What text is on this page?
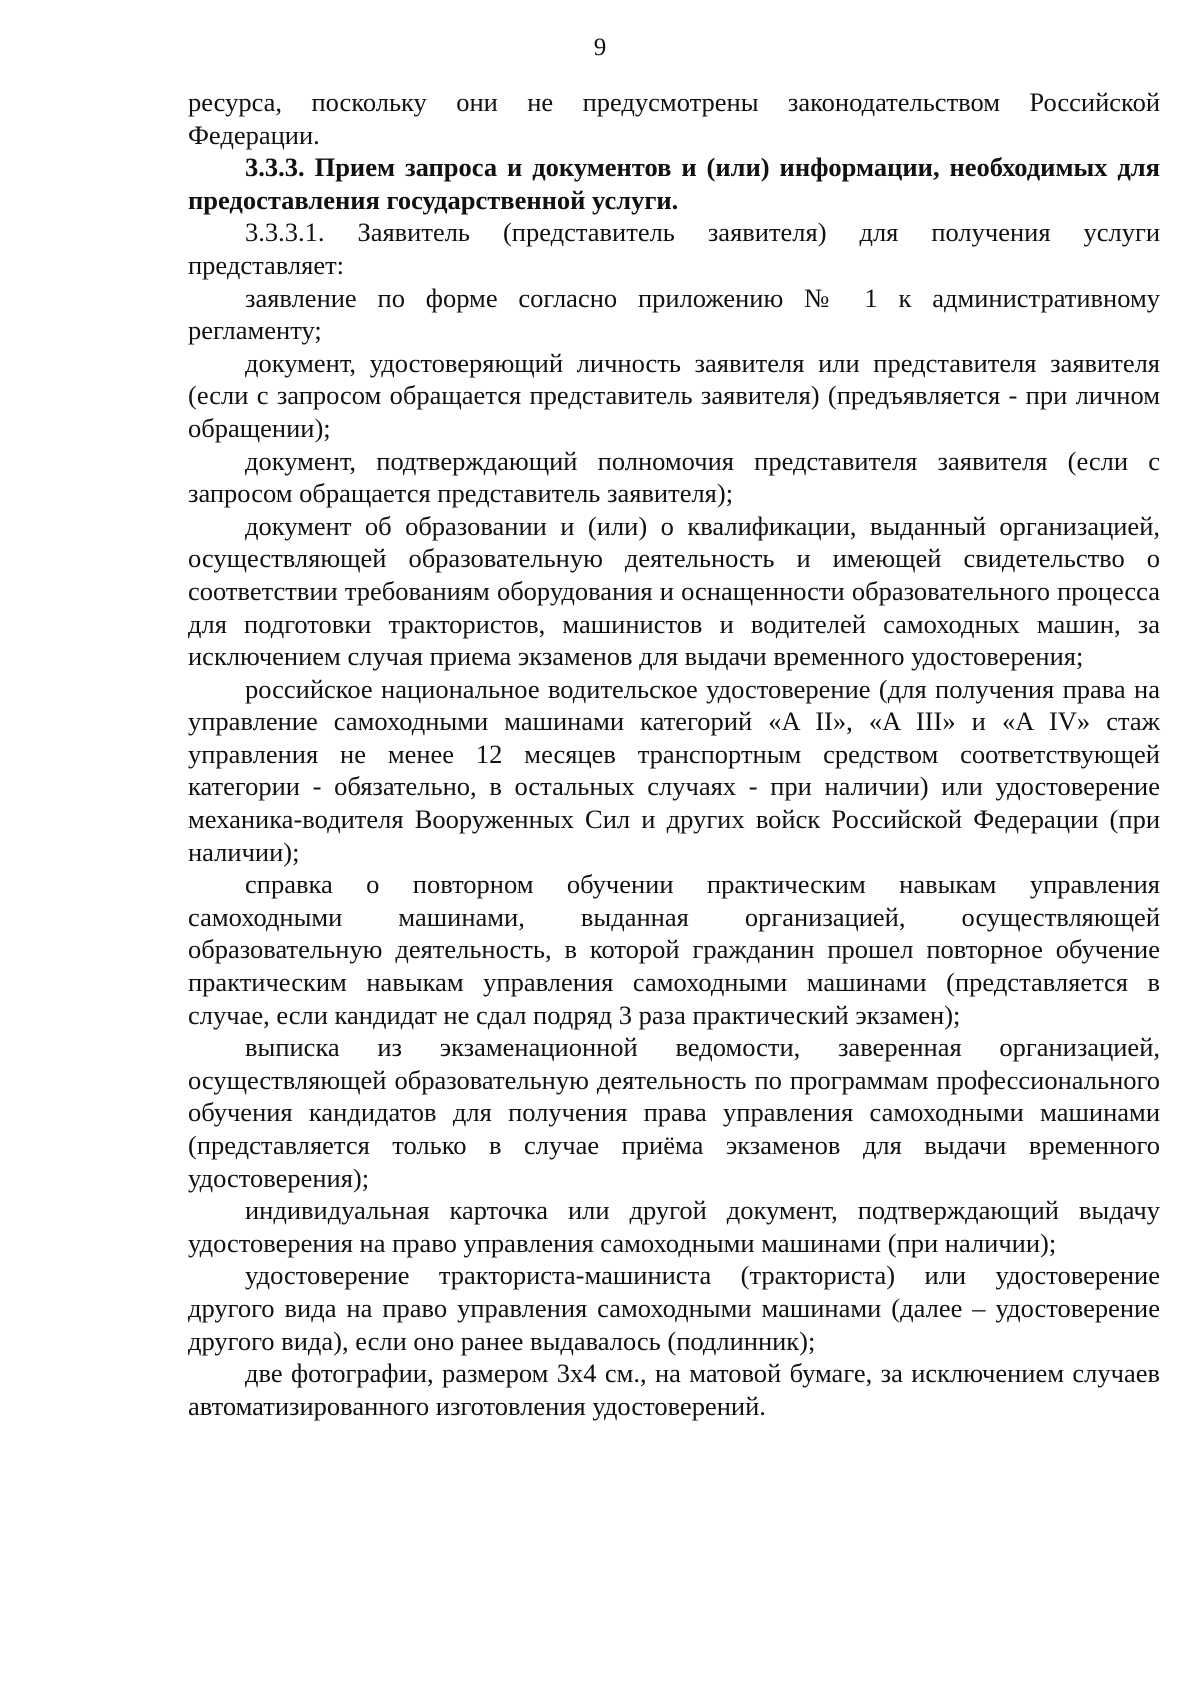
9

ресурса, поскольку они не предусмотрены законодательством Российской Федерации.

3.3.3. Прием запроса и документов и (или) информации, необходимых для предоставления государственной услуги.

3.3.3.1. Заявитель (представитель заявителя) для получения услуги представляет:

заявление по форме согласно приложению № 1 к административному регламенту;

документ, удостоверяющий личность заявителя или представителя заявителя (если с запросом обращается представитель заявителя) (предъявляется - при личном обращении);

документ, подтверждающий полномочия представителя заявителя (если с запросом обращается представитель заявителя);

документ об образовании и (или) о квалификации, выданный организацией, осуществляющей образовательную деятельность и имеющей свидетельство о соответствии требованиям оборудования и оснащенности образовательного процесса для подготовки трактористов, машинистов и водителей самоходных машин, за исключением случая приема экзаменов для выдачи временного удостоверения;

российское национальное водительское удостоверение (для получения права на управление самоходными машинами категорий «A II», «A III» и «A IV» стаж управления не менее 12 месяцев транспортным средством соответствующей категории - обязательно, в остальных случаях - при наличии) или удостоверение механика-водителя Вооруженных Сил и других войск Российской Федерации (при наличии);

справка о повторном обучении практическим навыкам управления самоходными машинами, выданная организацией, осуществляющей образовательную деятельность, в которой гражданин прошел повторное обучение практическим навыкам управления самоходными машинами (представляется в случае, если кандидат не сдал подряд 3 раза практический экзамен);

выписка из экзаменационной ведомости, заверенная организацией, осуществляющей образовательную деятельность по программам профессионального обучения кандидатов для получения права управления самоходными машинами (представляется только в случае приёма экзаменов для выдачи временного удостоверения);

индивидуальная карточка или другой документ, подтверждающий выдачу удостоверения на право управления самоходными машинами (при наличии);

удостоверение тракториста-машиниста (тракториста) или удостоверение другого вида на право управления самоходными машинами (далее – удостоверение другого вида), если оно ранее выдавалось (подлинник);

две фотографии, размером 3х4 см., на матовой бумаге, за исключением случаев автоматизированного изготовления удостоверений.
